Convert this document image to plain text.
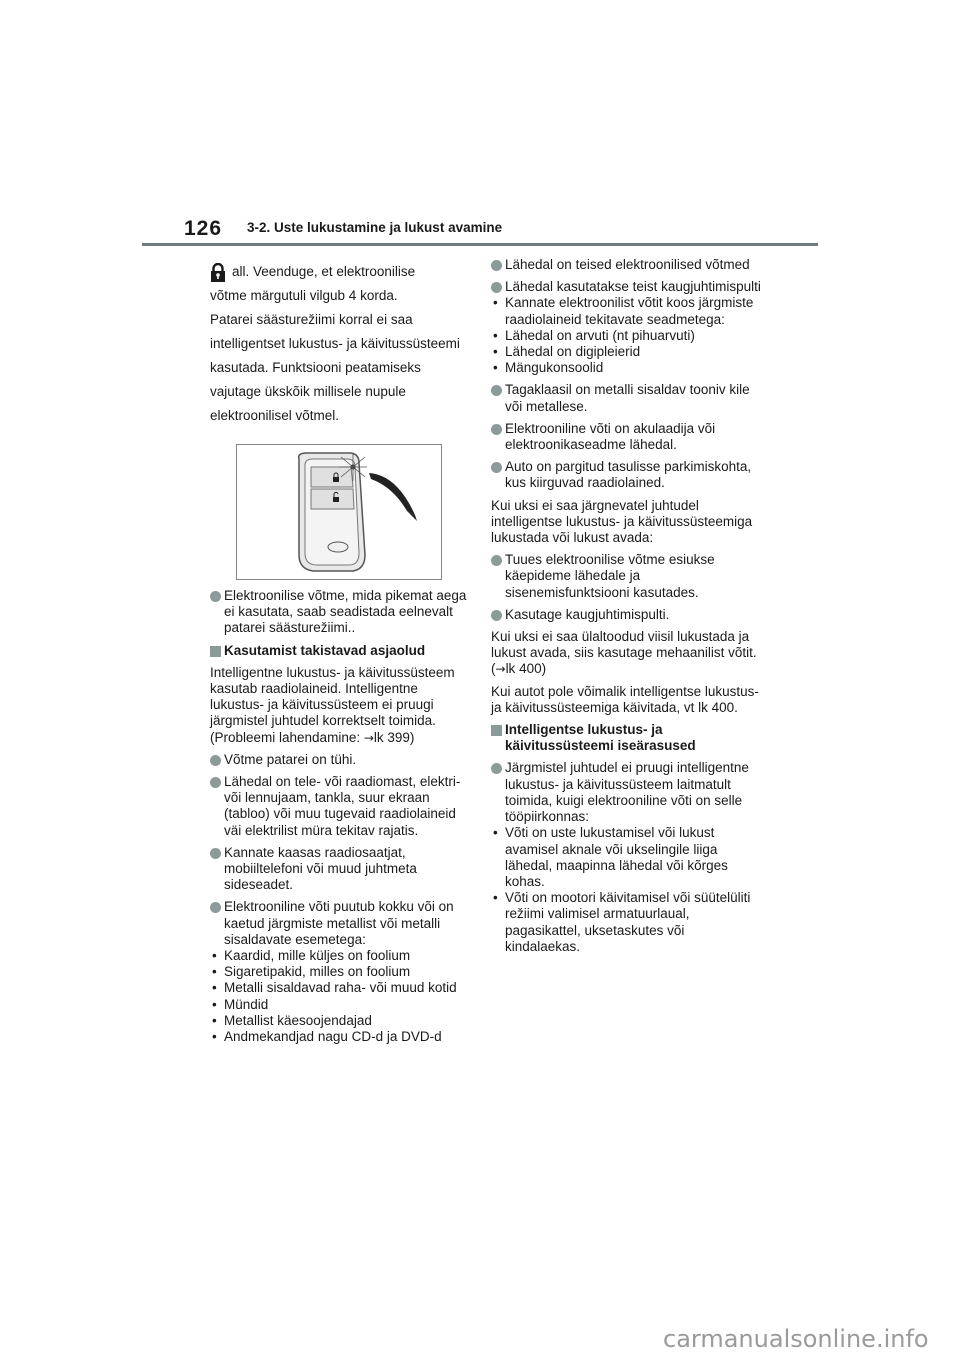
126 3-2. Uste lukustamine ja lukust avamine
all. Veenduge, et elektroonilise

võtme märgutuli vilgub 4 korda.

Patarei säästurežiimi korral ei saa intelligentset lukustus- ja käivitussüsteemi kasutada. Funktsiooni peatamiseks vajutage ükskõik millisele nupule elektroonilisel võtmel.

Elektroonilise võtme, mida pikemat aega ei kasutata, saab seadistada eelnevalt patarei säästurežiimi..
Kasutamist takistavad asjaolud

Intelligentne lukustus- ja käivitussüsteem kasutab raadiolaineid. Intelligentne lukustus- ja käivitussüsteem ei pruugi järgmistel juhtudel korrektselt toimida. (Probleemi lahendamine: →lk 399)

Võtme patarei on tühi.
Lähedal on tele- või raadiomast, elektri- või lennujaam, tankla, suur ekraan (tabloo) või muu tugevaid raadiolaineid väi elektrilist müra tekitav rajatis.
Kannate kaasas raadiosaatjat, mobiiltelefoni või muud juhtmeta sideseadet.
Elektrooniline võti puutub kokku või on kaetud järgmiste metallist või metalli sisaldavate esemetega:
• Kaardid, mille küljes on foolium
• Sigaretipakid, milles on foolium
• Metalli sisaldavad raha- või muud kotid
• Mündid
• Metallist käesoojendajad
• Andmekandjad nagu CD-d ja DVD-d
Lähedal on teised elektroonilised võtmed
Lähedal kasutatakse teist kaugjuhtimispulti
• Kannate elektroonilist võtit koos järgmiste raadiolaineid tekitavate seadmetega:
• Lähedal on arvuti (nt pihuarvuti)
• Lähedal on digipleierid
• Mängukonsoolid
Tagaklaasil on metalli sisaldav tooniv kile või metallese.
Elektrooniline võti on akulaadija või elektroonikaseadme lähedal.
Auto on pargitud tasulisse parkimiskohta, kus kiirguvad raadiolained.

Kui uksi ei saa järgnevatel juhtudel intelligentse lukustus- ja käivitussüsteemiga lukustada või lukust avada:

Tuues elektroonilise võtme esiukse käepideme lähedale ja sisenemisfunktsiooni kasutades.
Kasutage kaugjuhtimispulti.

Kui uksi ei saa ülaltoodud viisil lukustada ja lukust avada, siis kasutage mehaanilist võtit. (→lk 400)

Kui autot pole võimalik intelligentse lukustus- ja käivitussüsteemiga käivitada, vt lk 400.

Intelligentse lukustus- ja käivitussüsteemi iseärasused
Järgmistel juhtudel ei pruugi intelligentne lukustus- ja käivitussüsteem laitmatult toimida, kuigi elektrooniline võti on selle tööpiirkonnas:
• Võti on uste lukustamisel või lukust avamisel aknale või ukselingile liiga lähedal, maapinna lähedal või kõrges kohas.
• Võti on mootori käivitamisel või süütelüliti režiimi valimisel armatuurlaual, pagasikattel, uksetaskutes või kindalaekas.
carmanualsonline.info
